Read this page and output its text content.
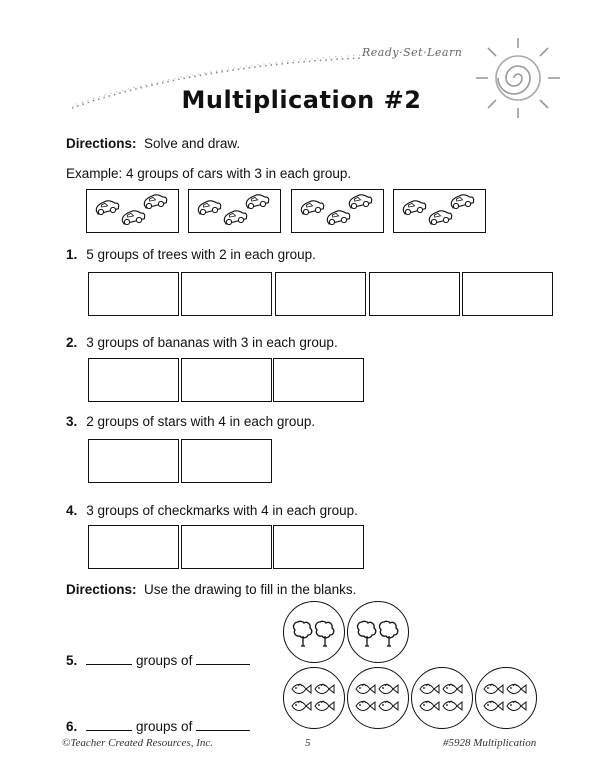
Ready·Set·Learn
Multiplication #2
Directions: Solve and draw.
Example: 4 groups of cars with 3 in each group.
1. 5 groups of trees with 2 in each group.
2. 3 groups of bananas with 3 in each group.
3. 2 groups of stars with 4 in each group.
4. 3 groups of checkmarks with 4 in each group.
Directions: Use the drawing to fill in the blanks.
5.	groups of
6.	groups of
©Teacher Created Resources, Inc.	5	#5928 Multiplication
